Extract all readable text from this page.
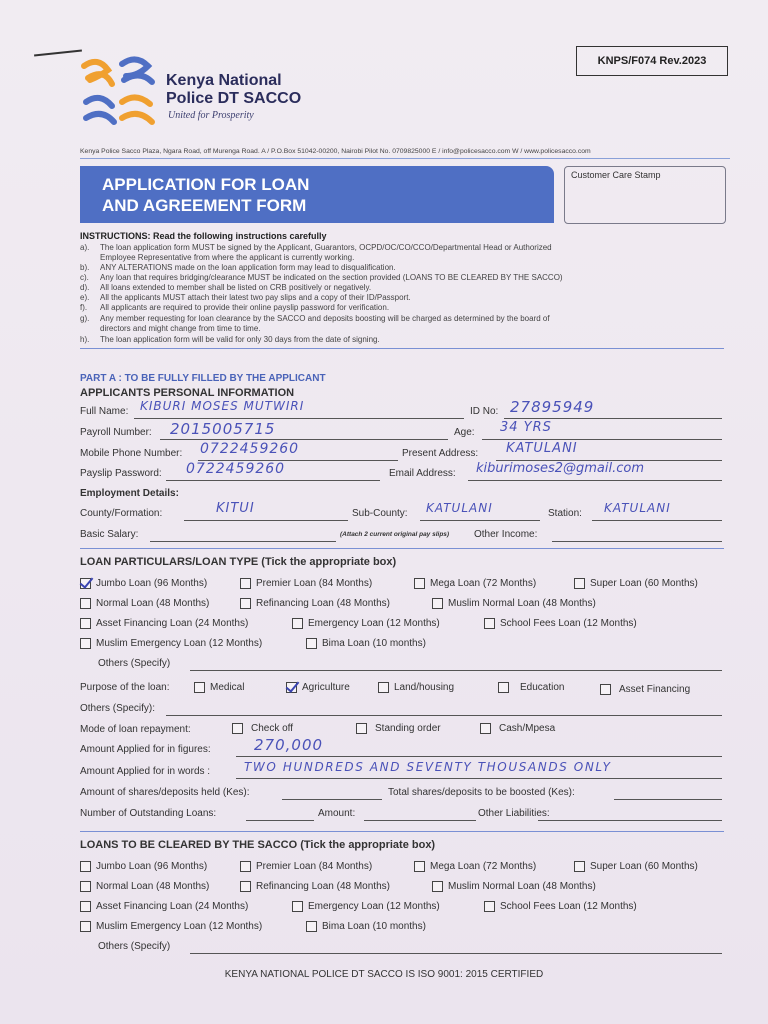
Kenya National
Police DT SACCO
United for Prosperity
KNPS/F074 Rev.2023
Kenya Police Sacco Plaza, Ngara Road, off Murenga Road. A / P.O.Box 51042-00200, Nairobi Pilot No. 0709825000 E / info@policesacco.com W / www.policesacco.com
APPLICATION FOR LOAN
AND AGREEMENT FORM
Customer Care Stamp
INSTRUCTIONS: Read the following instructions carefully
a). The loan application form MUST be signed by the Applicant, Guarantors, OCPD/OC/CO/CCO/Departmental Head or Authorized
Employee Representative from where the applicant is currently working.
b). ANY ALTERATIONS made on the loan application form may lead to disqualification.
c). Any loan that requires bridging/clearance MUST be indicated on the section provided (LOANS TO BE CLEARED BY THE SACCO)
d). All loans extended to member shall be listed on CRB positively or negatively.
e). All the applicants MUST attach their latest two pay slips and a copy of their ID/Passport.
f). All applicants are required to provide their online payslip password for verification.
g). Any member requesting for loan clearance by the SACCO and deposits boosting will be charged as determined by the board of
directors and might change from time to time.
h). The loan application form will be valid for only 30 days from the date of signing.
PART A : TO BE FULLY FILLED BY THE APPLICANT
APPLICANTS PERSONAL INFORMATION
Full Name: KIBURI MOSES MUTWIRI	ID No: 27895949
Payroll Number: 2015005715	Age: 34 YRS
Mobile Phone Number: 0722459260	Present Address: KATULANI
Payslip Password: 0722459260	Email Address: kiburimoses2@gmail.com
Employment Details:
County/Formation:	KITUI	Sub-County: KATULANI	Station: KATULANI
Basic Salary:	(Attach 2 current original pay slips) Other Income:
LOAN PARTICULARS/LOAN TYPE (Tick the appropriate box)
Jumbo Loan (96 Months)	Premier Loan (84 Months)	Mega Loan (72 Months)	Super Loan (60 Months)
Normal Loan (48 Months)	Refinancing Loan (48 Months)	Muslim Normal Loan (48 Months)
Asset Financing Loan (24 Months)	Emergency Loan (12 Months)	School Fees Loan (12 Months)
Muslim Emergency Loan (12 Months)	Bima Loan (10 months)
Others (Specify)
Purpose of the loan:	Medical	Agriculture	Land/housing	Education	Asset Financing
Others (Specify):
Mode of loan repayment:	Check off	Standing order	Cash/Mpesa
Amount Applied for in figures:	270,000
Amount Applied for in words :	TWO HUNDREDS AND SEVENTY THOUSANDS ONLY
Amount of shares/deposits held (Kes):	Total shares/deposits to be boosted (Kes):
Number of Outstanding Loans:	Amount:	Other Liabilities:
LOANS TO BE CLEARED BY THE SACCO (Tick the appropriate box)
Jumbo Loan (96 Months)	Premier Loan (84 Months)	Mega Loan (72 Months)	Super Loan (60 Months)
Normal Loan (48 Months)	Refinancing Loan (48 Months)	Muslim Normal Loan (48 Months)
Asset Financing Loan (24 Months)	Emergency Loan (12 Months)	School Fees Loan (12 Months)
Muslim Emergency Loan (12 Months)	Bima Loan (10 months)
Others (Specify)
KENYA NATIONAL POLICE DT SACCO IS ISO 9001: 2015 CERTIFIED
